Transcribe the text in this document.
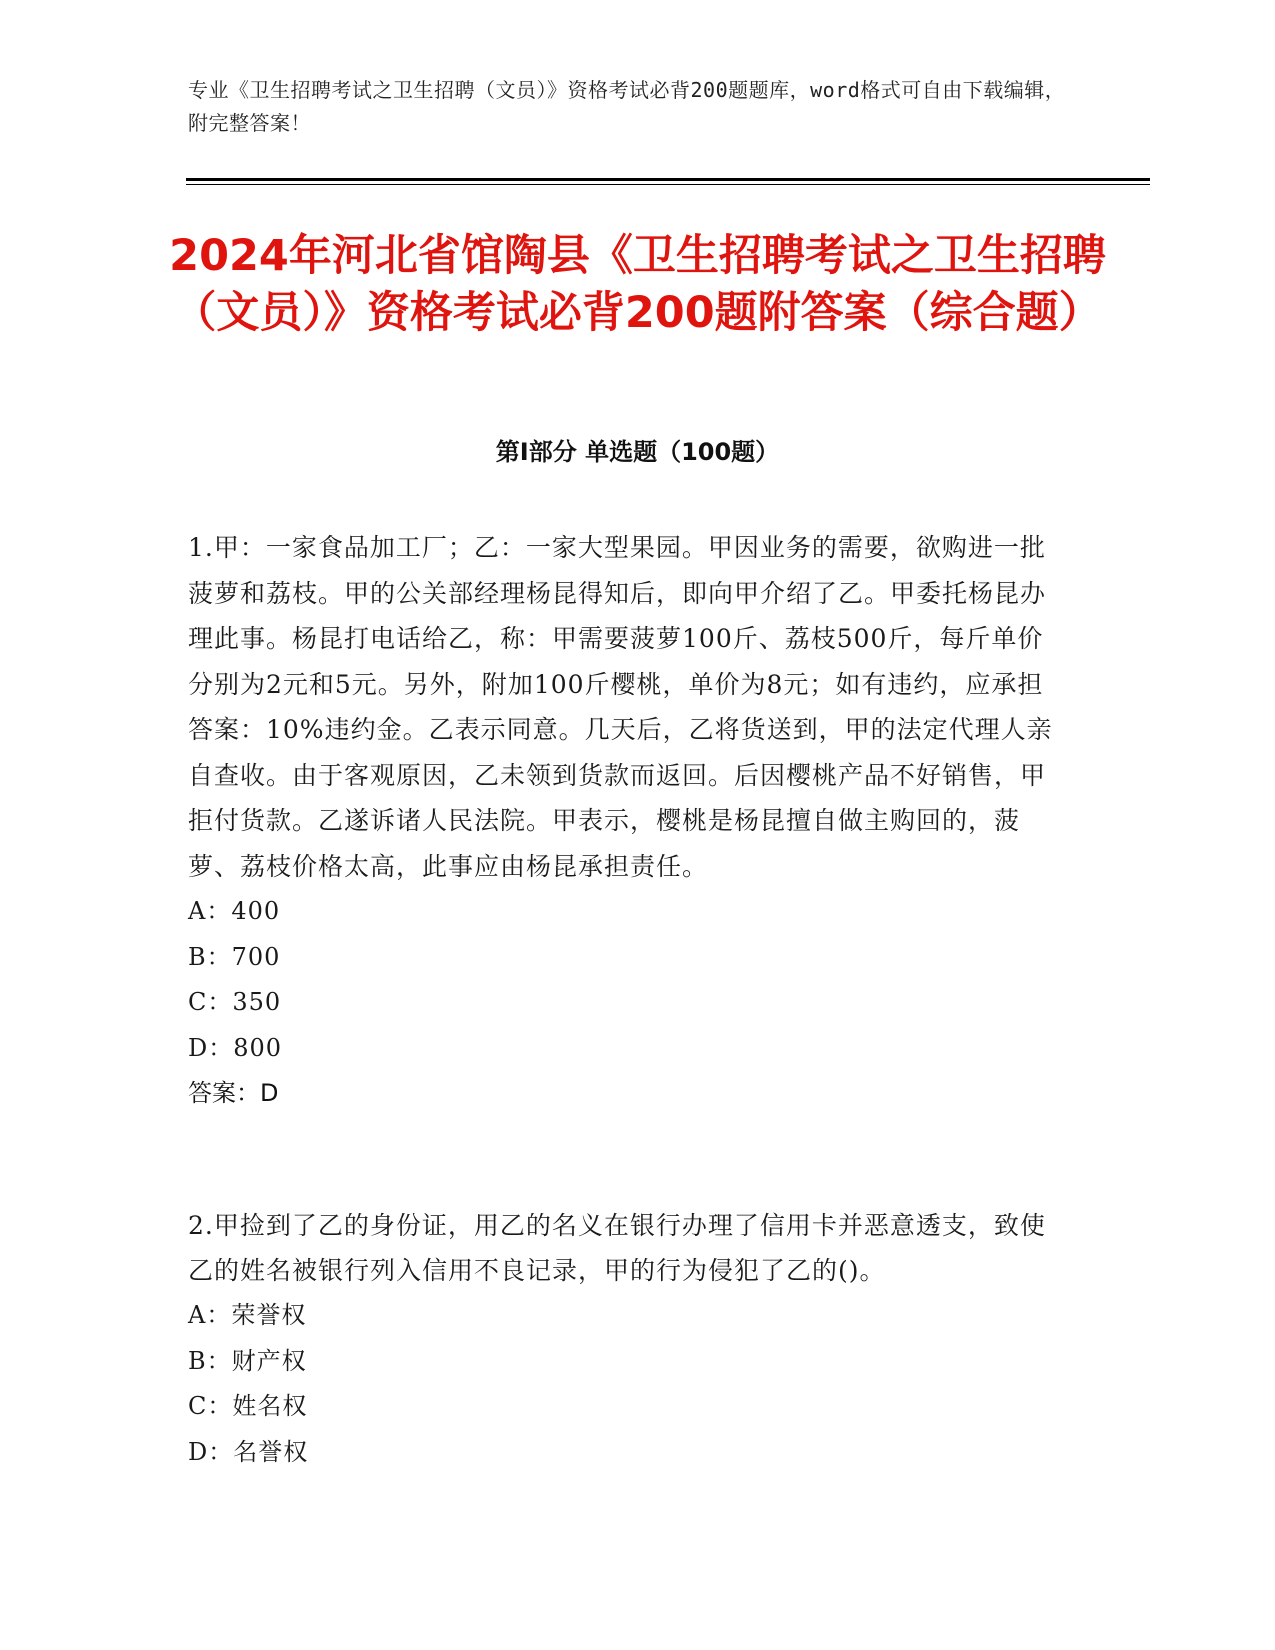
专业《卫生招聘考试之卫生招聘（文员）》资格考试必背200题题库，word格式可自由下载编辑，附完整答案！
2024年河北省馆陶县《卫生招聘考试之卫生招聘（文员）》资格考试必背200题附答案（综合题）
第I部分 单选题（100题）

1.甲：一家食品加工厂；乙：一家大型果园。甲因业务的需要，欲购进一批菠萝和荔枝。甲的公关部经理杨昆得知后，即向甲介绍了乙。甲委托杨昆办理此事。杨昆打电话给乙，称：甲需要菠萝100斤、荔枝500斤，每斤单价分别为2元和5元。另外，附加100斤樱桃，单价为8元；如有违约，应承担答案：10%违约金。乙表示同意。几天后，乙将货送到，甲的法定代理人亲自查收。由于客观原因，乙未领到货款而返回。后因樱桃产品不好销售，甲拒付货款。乙遂诉诸人民法院。甲表示，樱桃是杨昆擅自做主购回的，菠萝、荔枝价格太高，此事应由杨昆承担责任。

A：400

B：700

C：350

D：800

答案：D

2.甲捡到了乙的身份证，用乙的名义在银行办理了信用卡并恶意透支，致使乙的姓名被银行列入信用不良记录，甲的行为侵犯了乙的()。

A：荣誉权

B：财产权

C：姓名权

D：名誉权
